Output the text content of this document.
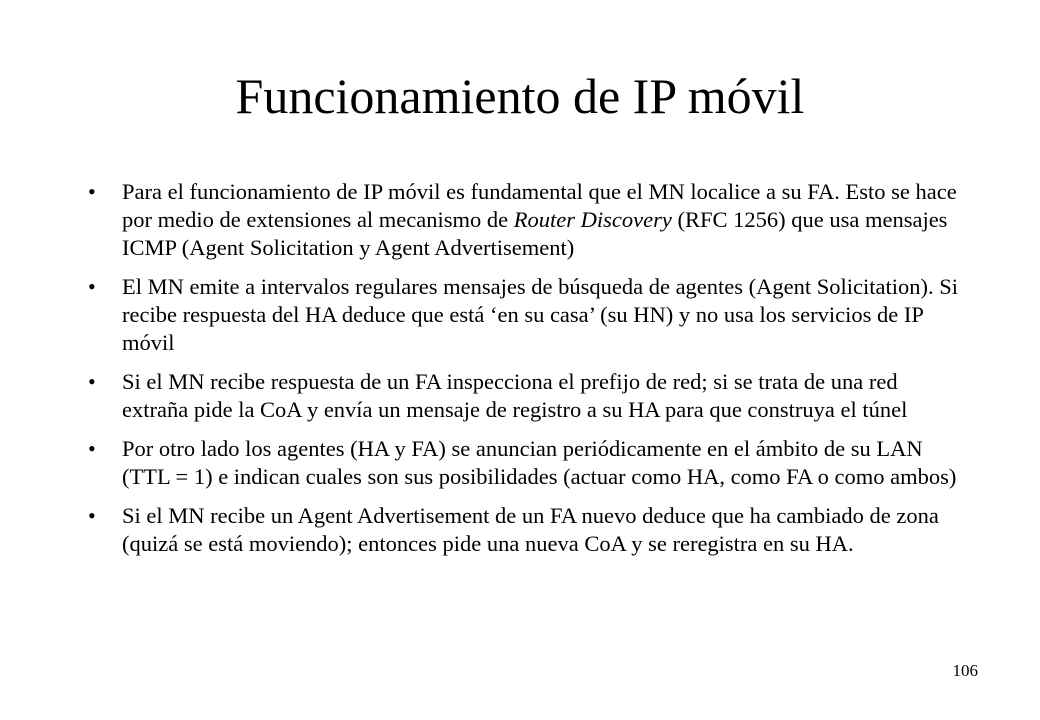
Funcionamiento de IP móvil
• Para el funcionamiento de IP móvil es fundamental que el MN localice a su FA. Esto se hace por medio de extensiones al mecanismo de Router Discovery (RFC 1256) que usa mensajes ICMP (Agent Solicitation y Agent Advertisement)
• El MN emite a intervalos regulares mensajes de búsqueda de agentes (Agent Solicitation). Si recibe respuesta del HA deduce que está ‘en su casa’ (su HN) y no usa los servicios de IP móvil
• Si el MN recibe respuesta de un FA inspecciona el prefijo de red; si se trata de una red extraña pide la CoA y envía un mensaje de registro a su HA para que construya el túnel
• Por otro lado los agentes (HA y FA) se anuncian periódicamente en el ámbito de su LAN (TTL = 1) e indican cuales son sus posibilidades (actuar como HA, como FA o como ambos)
• Si el MN recibe un Agent Advertisement de un FA nuevo deduce que ha cambiado de zona (quizá se está moviendo); entonces pide una nueva CoA y se reregistra en su HA.
106
